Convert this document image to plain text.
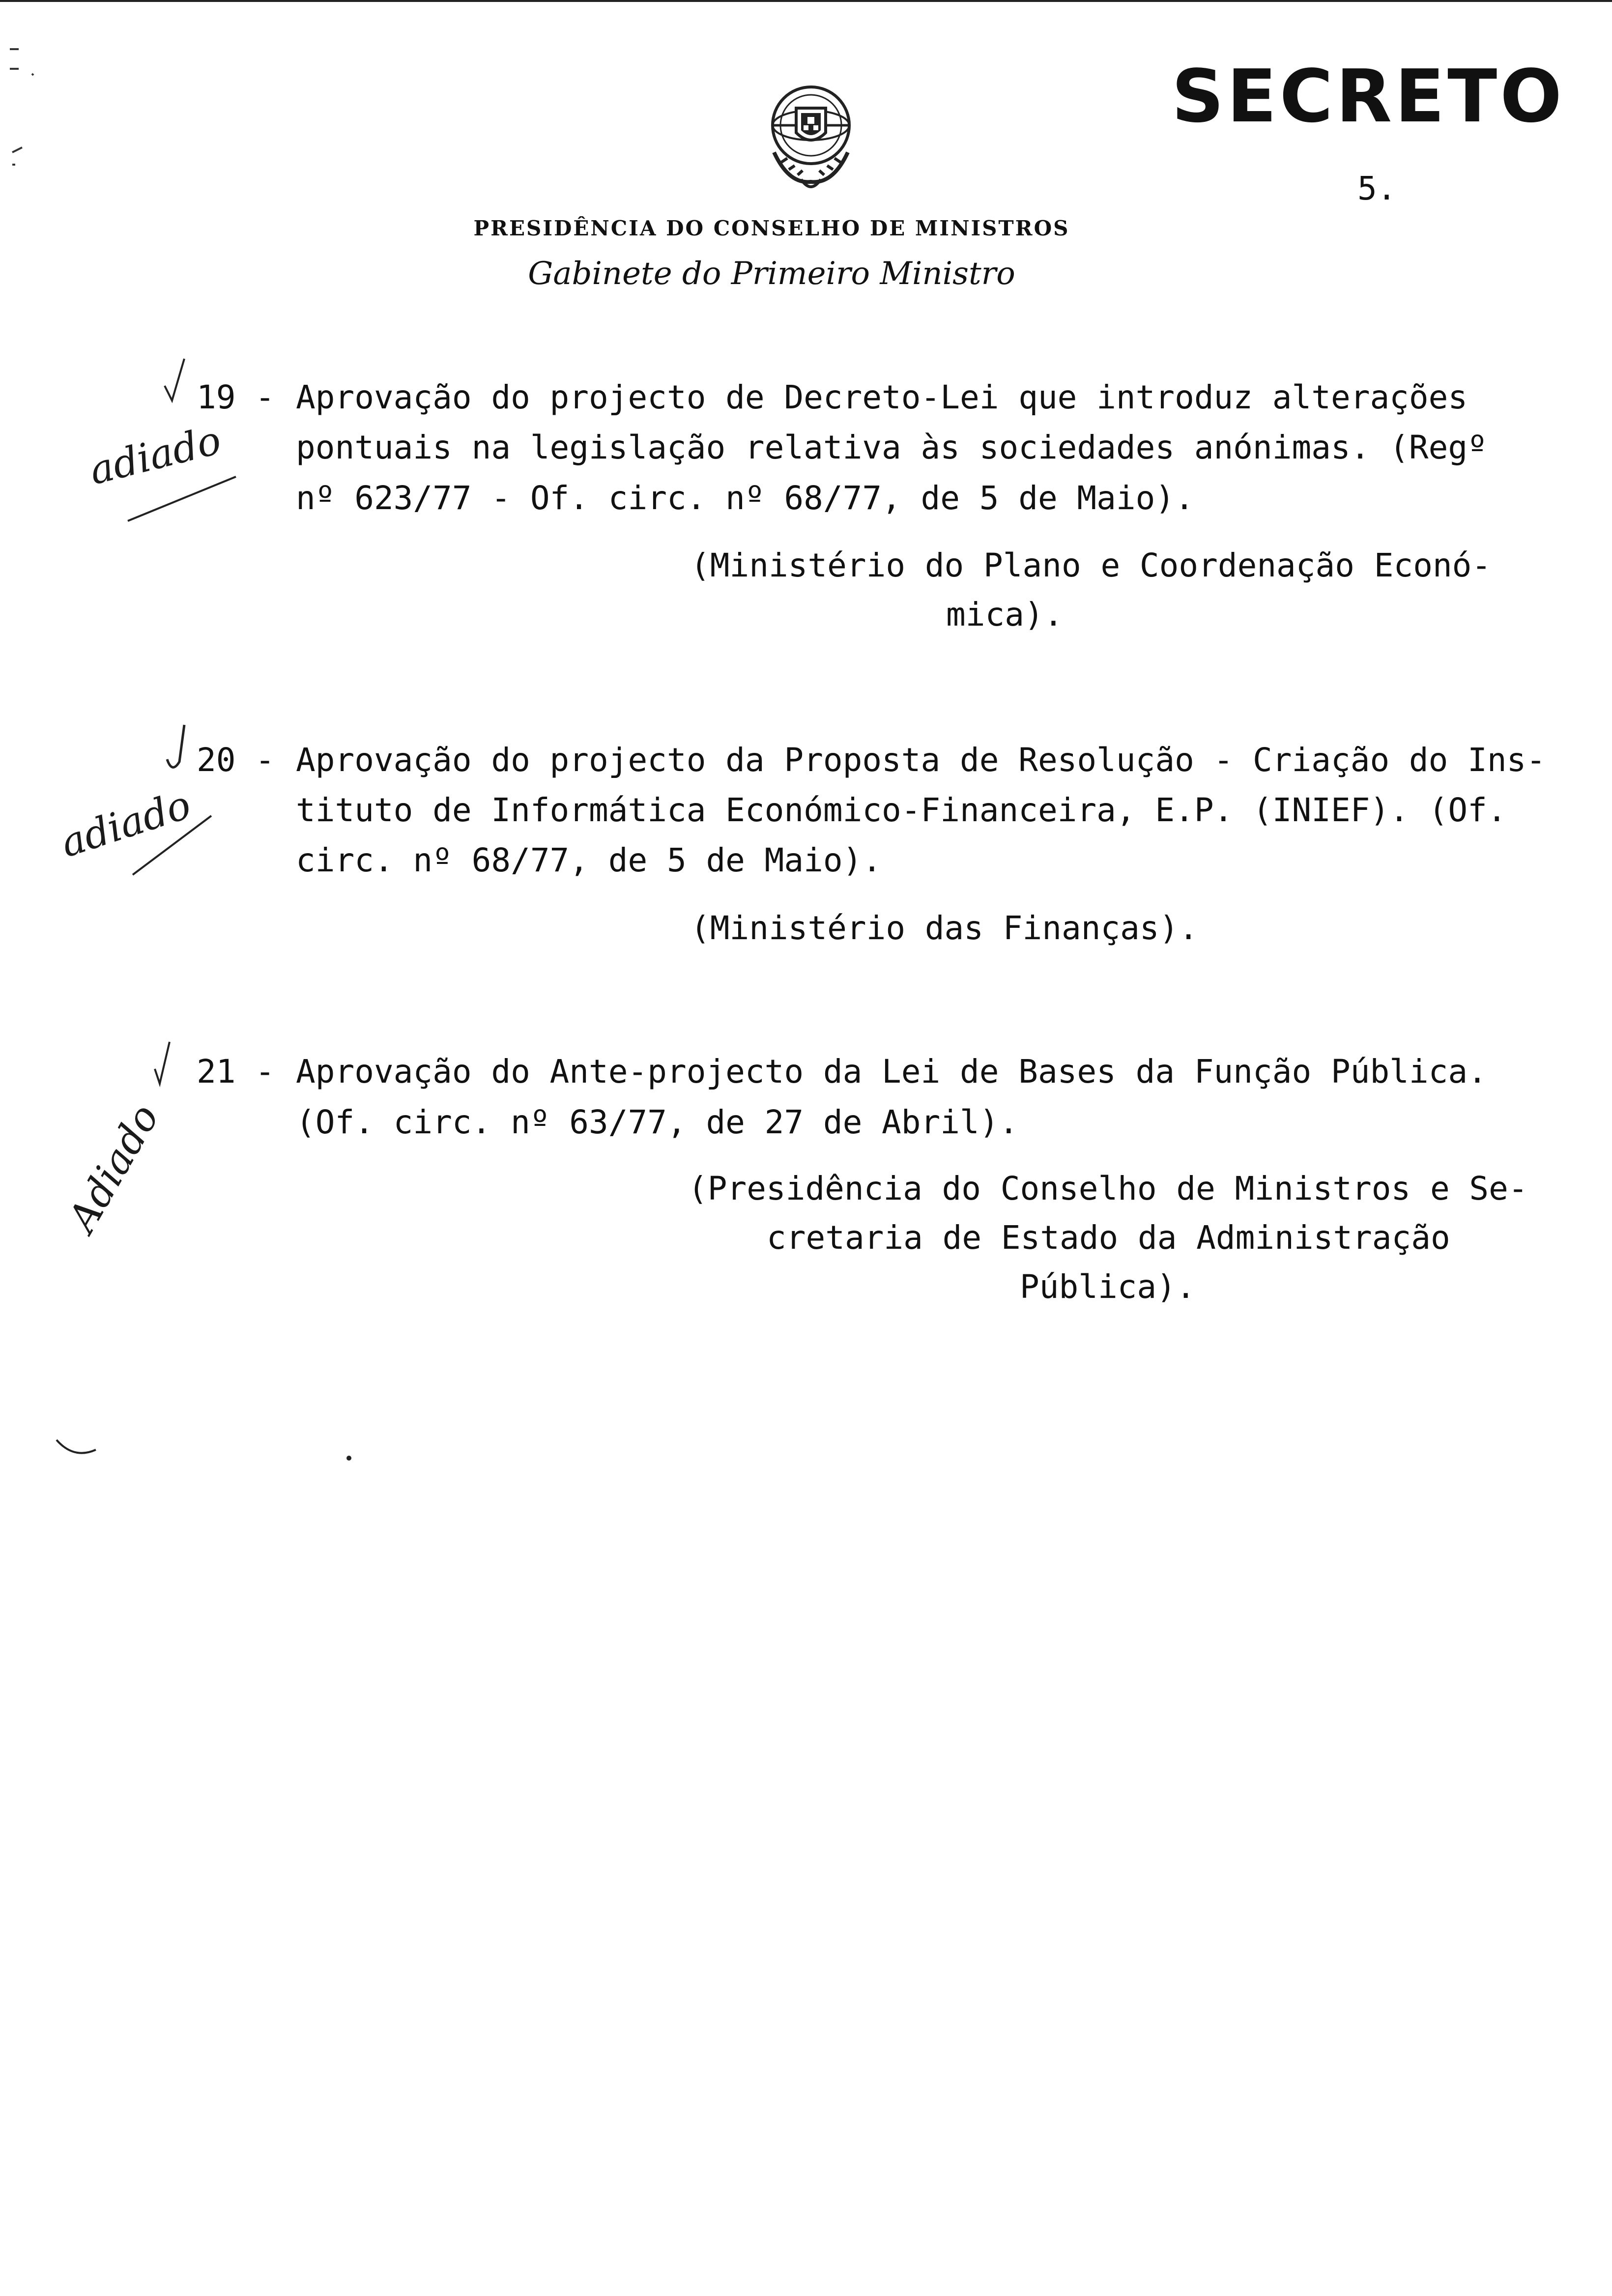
SECRETO
5.
PRESIDÊNCIA DO CONSELHO DE MINISTROS
Gabinete do Primeiro Ministro
19 - Aprovação do projecto de Decreto-Lei que introduz alterações
pontuais na legislação relativa às sociedades anónimas. (Regº
nº 623/77 - Of. circ. nº 68/77, de 5 de Maio).
(Ministério do Plano e Coordenação Econó-
mica).
adiado
20 - Aprovação do projecto da Proposta de Resolução - Criação do Ins-
tituto de Informática Económico-Financeira, E.P. (INIEF). (Of.
circ. nº 68/77, de 5 de Maio).
(Ministério das Finanças).
adiado
21 - Aprovação do Ante-projecto da Lei de Bases da Função Pública.
(Of. circ. nº 63/77, de 27 de Abril).
(Presidência do Conselho de Ministros e Se-
cretaria de Estado da Administração
Pública).
Adiado
